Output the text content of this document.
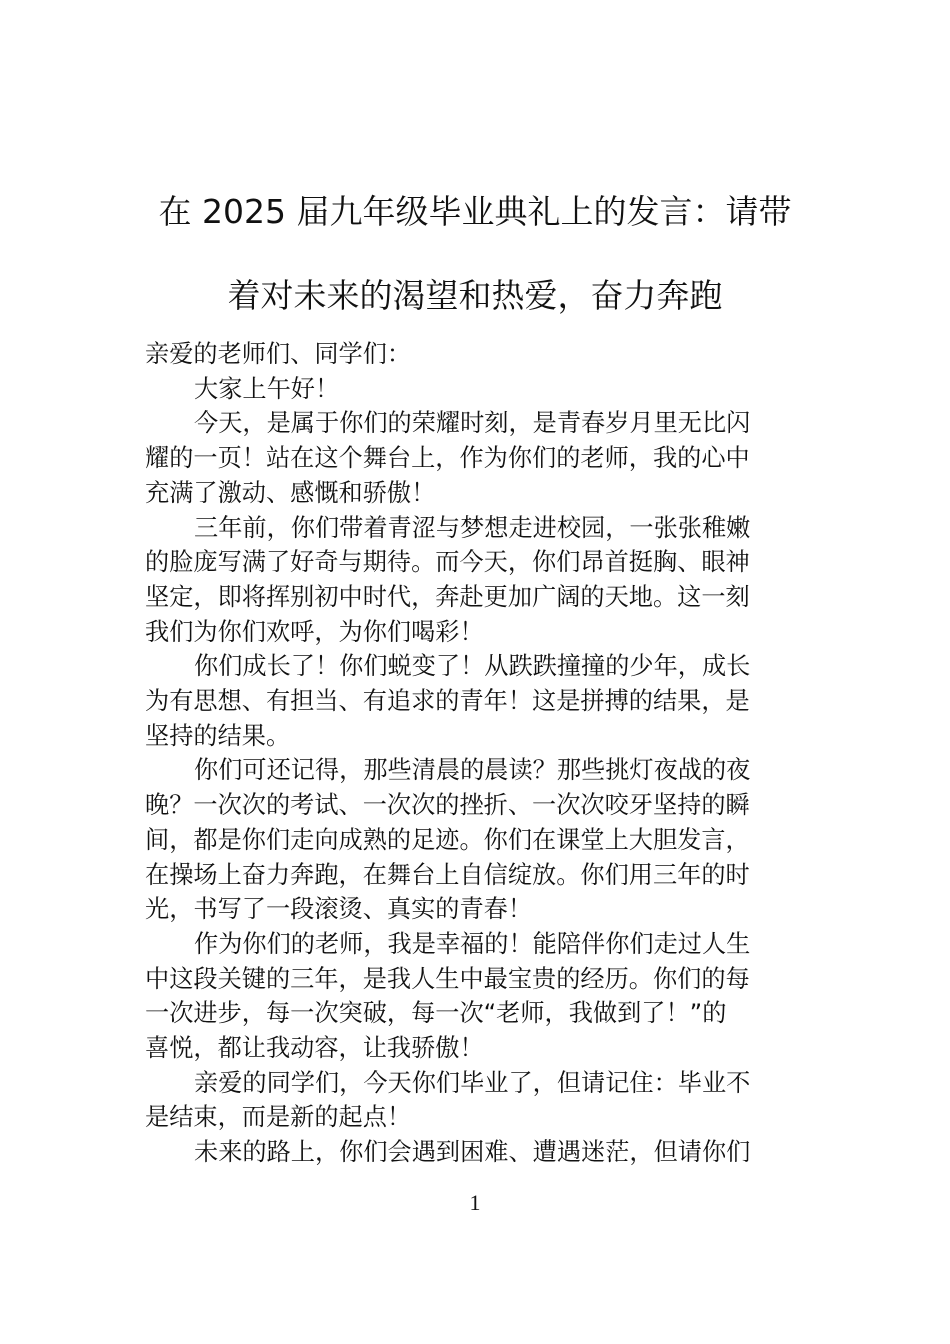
在 2025 届九年级毕业典礼上的发言：请带
着对未来的渴望和热爱，奋力奔跑

亲爱的老师们、同学们：

大家上午好！

今天，是属于你们的荣耀时刻，是青春岁月里无比闪
耀的一页！站在这个舞台上，作为你们的老师，我的心中
充满了激动、感慨和骄傲！

三年前，你们带着青涩与梦想走进校园，一张张稚嫩
的脸庞写满了好奇与期待。而今天，你们昂首挺胸、眼神
坚定，即将挥别初中时代，奔赴更加广阔的天地。这一刻
我们为你们欢呼，为你们喝彩！

你们成长了！你们蜕变了！从跌跌撞撞的少年，成长
为有思想、有担当、有追求的青年！这是拼搏的结果，是
坚持的结果。

你们可还记得，那些清晨的晨读？那些挑灯夜战的夜
晚？一次次的考试、一次次的挫折、一次次咬牙坚持的瞬
间，都是你们走向成熟的足迹。你们在课堂上大胆发言，
在操场上奋力奔跑，在舞台上自信绽放。你们用三年的时
光，书写了一段滚烫、真实的青春！

作为你们的老师，我是幸福的！能陪伴你们走过人生
中这段关键的三年，是我人生中最宝贵的经历。你们的每
一次进步，每一次突破，每一次“老师，我做到了！”的
喜悦，都让我动容，让我骄傲！

亲爱的同学们，今天你们毕业了，但请记住：毕业不
是结束，而是新的起点！

未来的路上，你们会遇到困难、遭遇迷茫，但请你们

1
